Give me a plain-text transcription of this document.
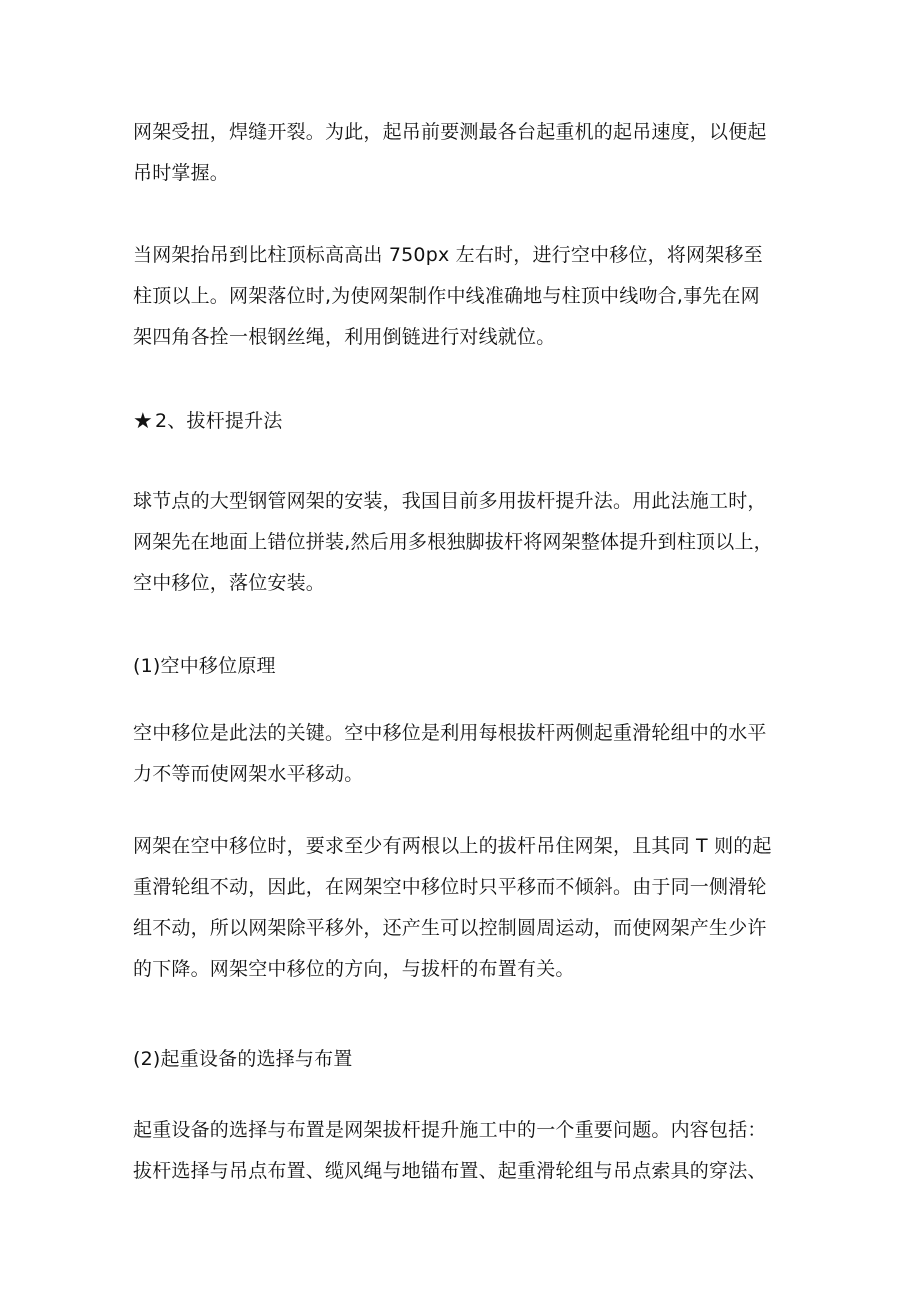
网架受扭，焊缝开裂。为此，起吊前要测最各台起重机的起吊速度，以便起
吊时掌握。
当网架抬吊到比柱顶标高高出 750px 左右时，进行空中移位，将网架移至
柱顶以上。网架落位时,为使网架制作中线准确地与柱顶中线吻合,事先在网
架四角各拴一根钢丝绳，利用倒链进行对线就位。
★ 2、拔杆提升法
球节点的大型钢管网架的安装，我国目前多用拔杆提升法。用此法施工时，
网架先在地面上错位拼装,然后用多根独脚拔杆将网架整体提升到柱顶以上，
空中移位，落位安装。
(1)空中移位原理
空中移位是此法的关键。空中移位是利用每根拔杆两侧起重滑轮组中的水平
力不等而使网架水平移动。
网架在空中移位时，要求至少有两根以上的拔杆吊住网架，且其同 T 则的起
重滑轮组不动，因此，在网架空中移位时只平移而不倾斜。由于同一侧滑轮
组不动，所以网架除平移外，还产生可以控制圆周运动，而使网架产生少许
的下降。网架空中移位的方向，与拔杆的布置有关。
(2)起重设备的选择与布置
起重设备的选择与布置是网架拔杆提升施工中的一个重要问题。内容包括：
拔杆选择与吊点布置、缆风绳与地锚布置、起重滑轮组与吊点索具的穿法、
